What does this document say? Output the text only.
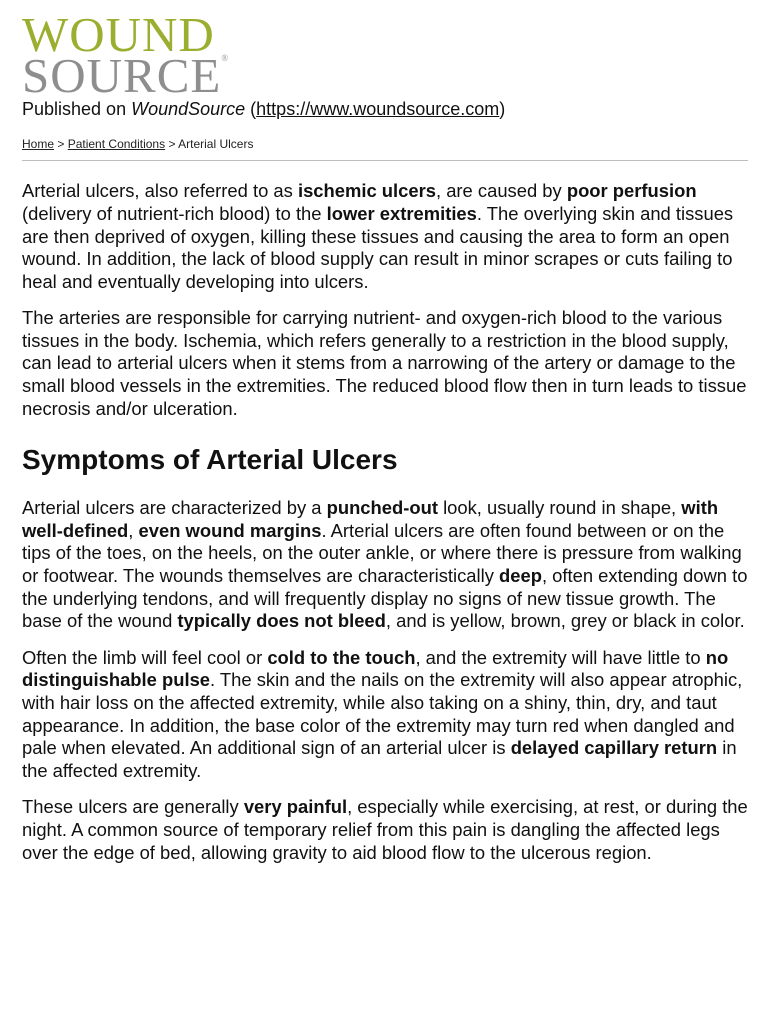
WOUND
SOURCE®
Published on WoundSource (https://www.woundsource.com)
Home > Patient Conditions > Arterial Ulcers

Arterial ulcers, also referred to as ischemic ulcers, are caused by poor perfusion (delivery of nutrient-rich blood) to the lower extremities. The overlying skin and tissues are then deprived of oxygen, killing these tissues and causing the area to form an open wound. In addition, the lack of blood supply can result in minor scrapes or cuts failing to heal and eventually developing into ulcers.

The arteries are responsible for carrying nutrient- and oxygen-rich blood to the various tissues in the body. Ischemia, which refers generally to a restriction in the blood supply, can lead to arterial ulcers when it stems from a narrowing of the artery or damage to the small blood vessels in the extremities. The reduced blood flow then in turn leads to tissue necrosis and/or ulceration.

Symptoms of Arterial Ulcers

Arterial ulcers are characterized by a punched-out look, usually round in shape, with well-defined, even wound margins. Arterial ulcers are often found between or on the tips of the toes, on the heels, on the outer ankle, or where there is pressure from walking or footwear. The wounds themselves are characteristically deep, often extending down to the underlying tendons, and will frequently display no signs of new tissue growth. The base of the wound typically does not bleed, and is yellow, brown, grey or black in color.

Often the limb will feel cool or cold to the touch, and the extremity will have little to no distinguishable pulse. The skin and the nails on the extremity will also appear atrophic, with hair loss on the affected extremity, while also taking on a shiny, thin, dry, and taut appearance. In addition, the base color of the extremity may turn red when dangled and pale when elevated. An additional sign of an arterial ulcer is delayed capillary return in the affected extremity.

These ulcers are generally very painful, especially while exercising, at rest, or during the night. A common source of temporary relief from this pain is dangling the affected legs over the edge of bed, allowing gravity to aid blood flow to the ulcerous region.
